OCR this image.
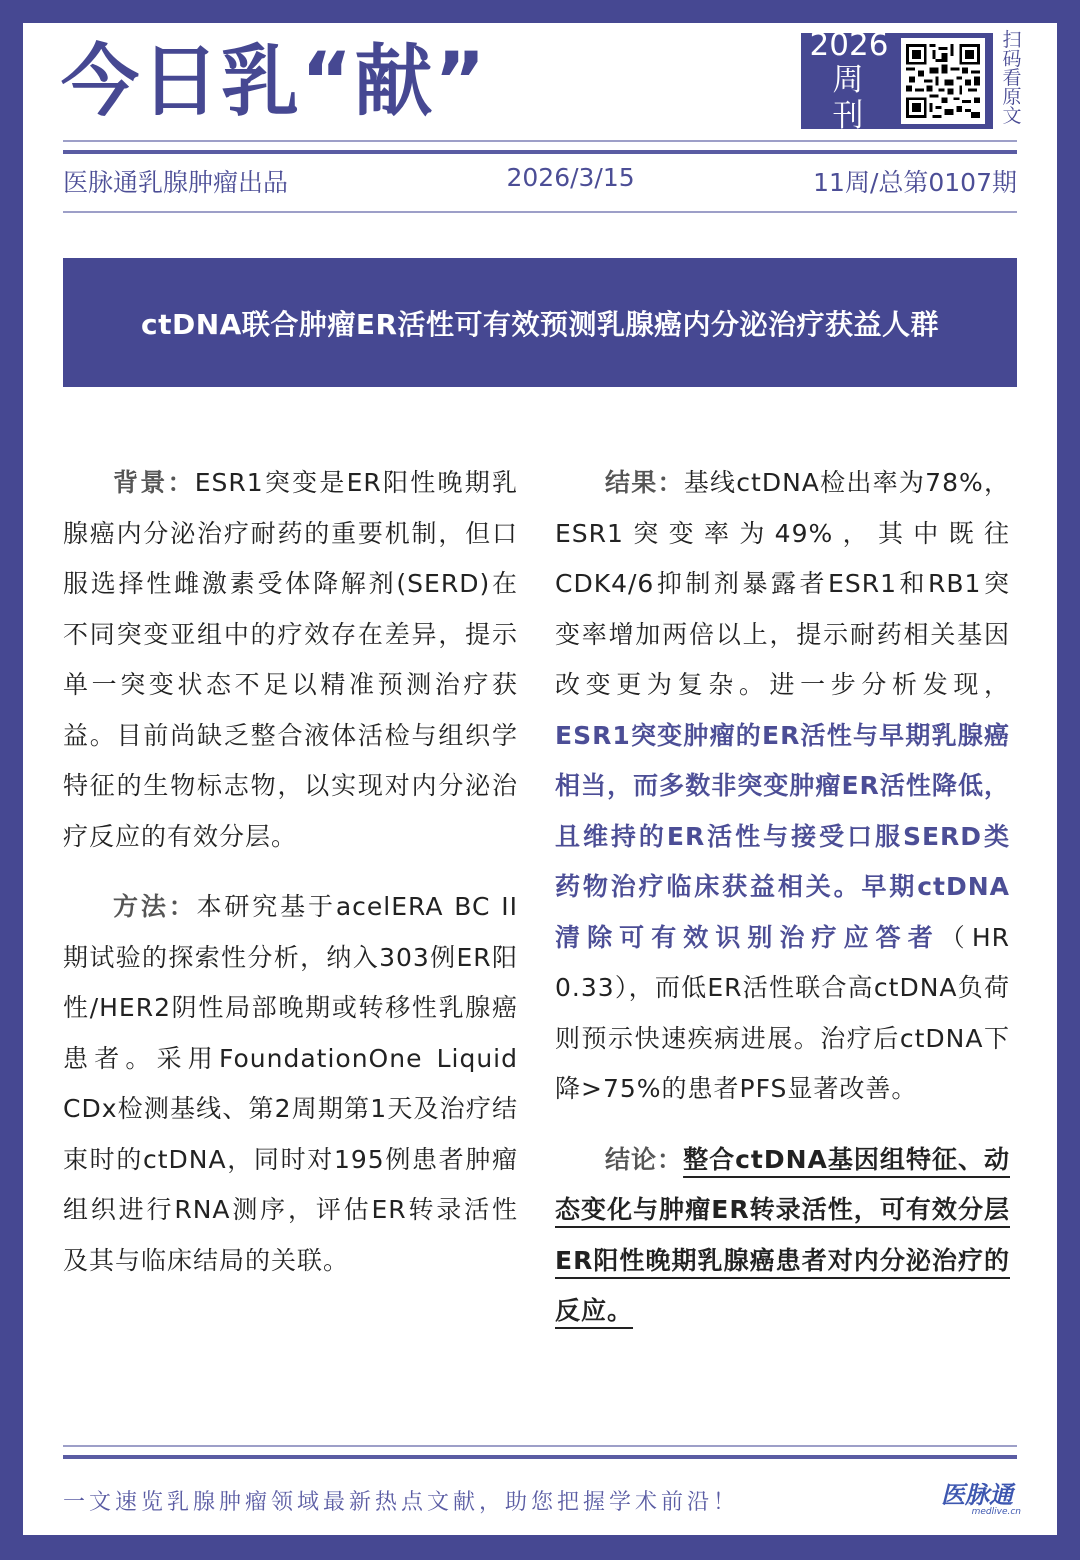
今日乳“献”	2026
周 刊
扫码看原文
医脉通乳腺肿瘤出品	2026/3/15	11周/总第0107期
ctDNA联合肿瘤ER活性可有效预测乳腺癌内分泌治疗获益人群

背景：ESR1突变是ER阳性晚期乳腺癌内分泌治疗耐药的重要机制，但口服选择性雌激素受体降解剂(SERD)在不同突变亚组中的疗效存在差异，提示单一突变状态不足以精准预测治疗获益。目前尚缺乏整合液体活检与组织学特征的生物标志物，以实现对内分泌治疗反应的有效分层。

方法：本研究基于acelERA BC II期试验的探索性分析，纳入303例ER阳性/HER2阴性局部晚期或转移性乳腺癌患者。采用FoundationOne Liquid CDx检测基线、第2周期第1天及治疗结束时的ctDNA，同时对195例患者肿瘤组织进行RNA测序，评估ER转录活性及其与临床结局的关联。

结果：基线ctDNA检出率为78%，ESR1突变率为49%，其中既往CDK4/6抑制剂暴露者ESR1和RB1突变率增加两倍以上，提示耐药相关基因改变更为复杂。进一步分析发现，ESR1突变肿瘤的ER活性与早期乳腺癌相当，而多数非突变肿瘤ER活性降低，且维持的ER活性与接受口服SERD类药物治疗临床获益相关。早期ctDNA清除可有效识别治疗应答者（HR 0.33），而低ER活性联合高ctDNA负荷则预示快速疾病进展。治疗后ctDNA下降>75%的患者PFS显著改善。

结论：整合ctDNA基因组特征、动态变化与肿瘤ER转录活性，可有效分层ER阳性晚期乳腺癌患者对内分泌治疗的反应。

一文速览乳腺肿瘤领域最新热点文献，助您把握学术前沿！	医脉通
medlive.cn
